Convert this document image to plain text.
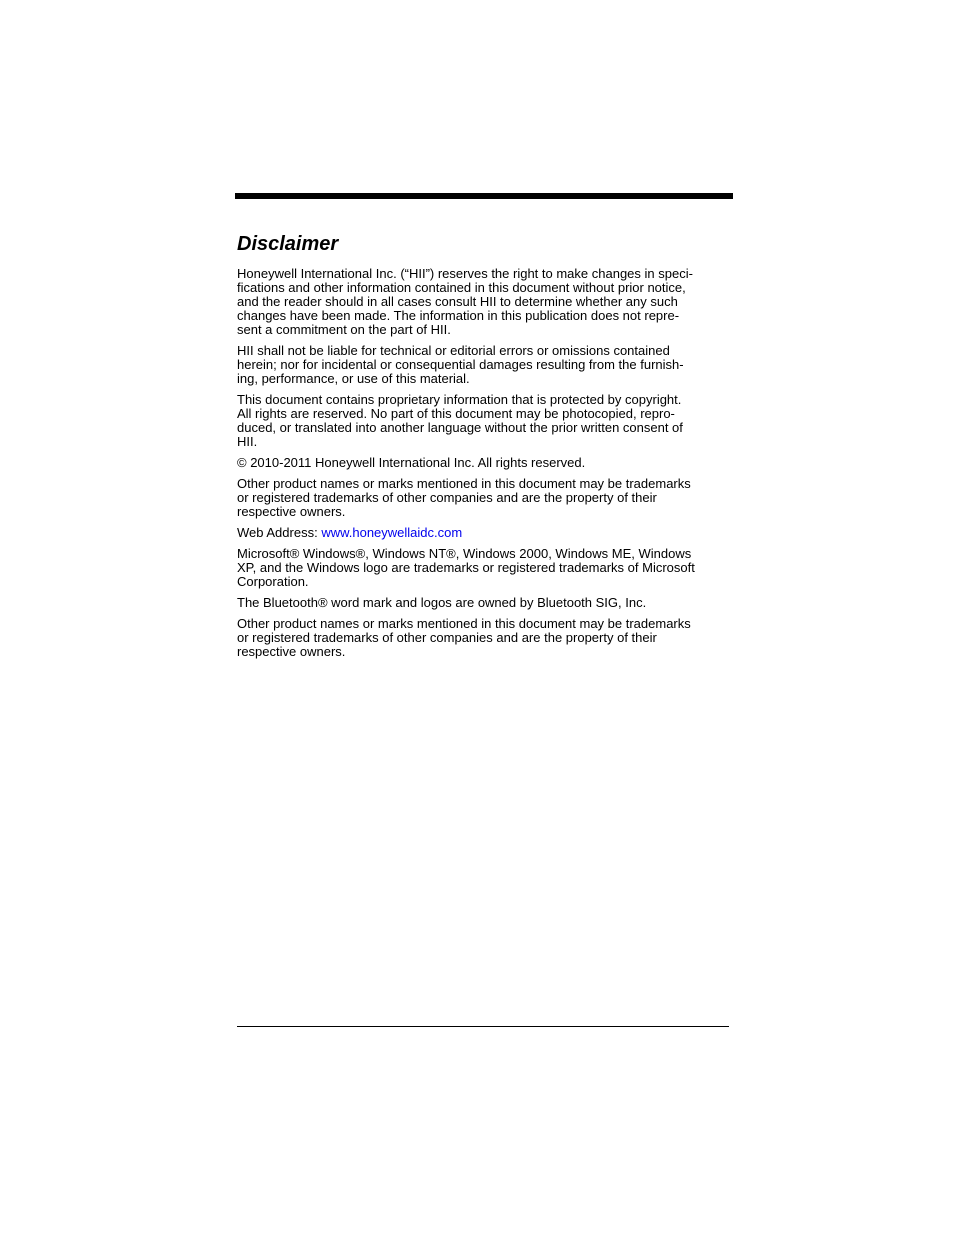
Disclaimer

Honeywell International Inc. (“HII”) reserves the right to make changes in speci-
fications and other information contained in this document without prior notice,
and the reader should in all cases consult HII to determine whether any such
changes have been made. The information in this publication does not repre-
sent a commitment on the part of HII.

HII shall not be liable for technical or editorial errors or omissions contained
herein; nor for incidental or consequential damages resulting from the furnish-
ing, performance, or use of this material.

This document contains proprietary information that is protected by copyright.
All rights are reserved. No part of this document may be photocopied, repro-
duced, or translated into another language without the prior written consent of
HII.

© 2010-2011 Honeywell International Inc. All rights reserved.

Other product names or marks mentioned in this document may be trademarks
or registered trademarks of other companies and are the property of their
respective owners.

Web Address: www.honeywellaidc.com

Microsoft® Windows®, Windows NT®, Windows 2000, Windows ME, Windows
XP, and the Windows logo are trademarks or registered trademarks of Microsoft
Corporation.

The Bluetooth® word mark and logos are owned by Bluetooth SIG, Inc.

Other product names or marks mentioned in this document may be trademarks
or registered trademarks of other companies and are the property of their
respective owners.
